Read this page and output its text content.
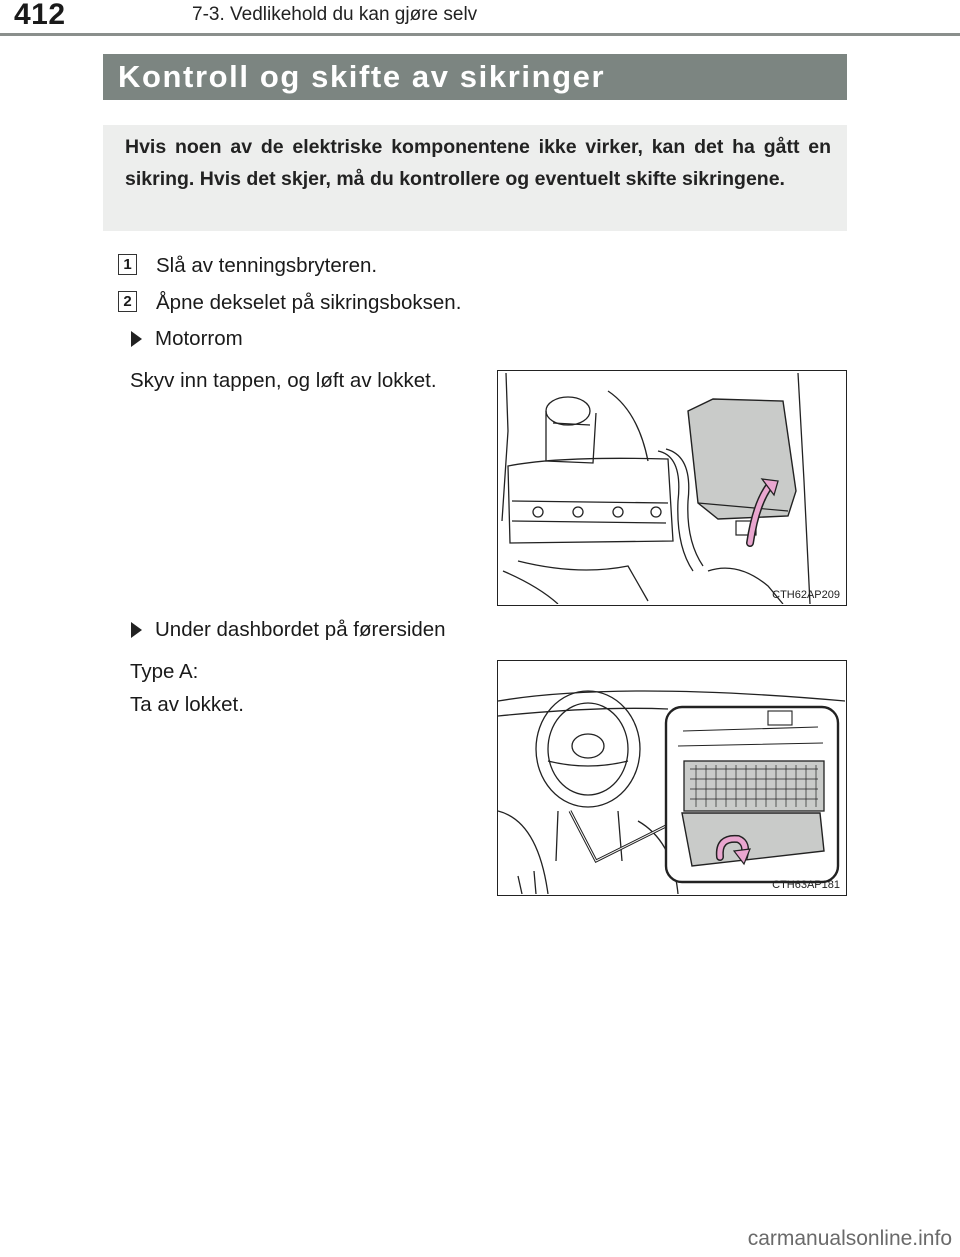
412	7-3. Vedlikehold du kan gjøre selv
Kontroll og skifte av sikringer
Hvis noen av de elektriske komponentene ikke virker, kan det ha gått en sikring. Hvis det skjer, må du kontrollere og eventuelt skifte sikringene.
1 Slå av tenningsbryteren.
2 Åpne dekselet på sikringsboksen.
Motorrom
Skyv inn tappen, og løft av lokket.
CTH62AP209
Under dashbordet på førersiden
Type A:
Ta av lokket.
CTH63AP181
carmanualsonline.info
